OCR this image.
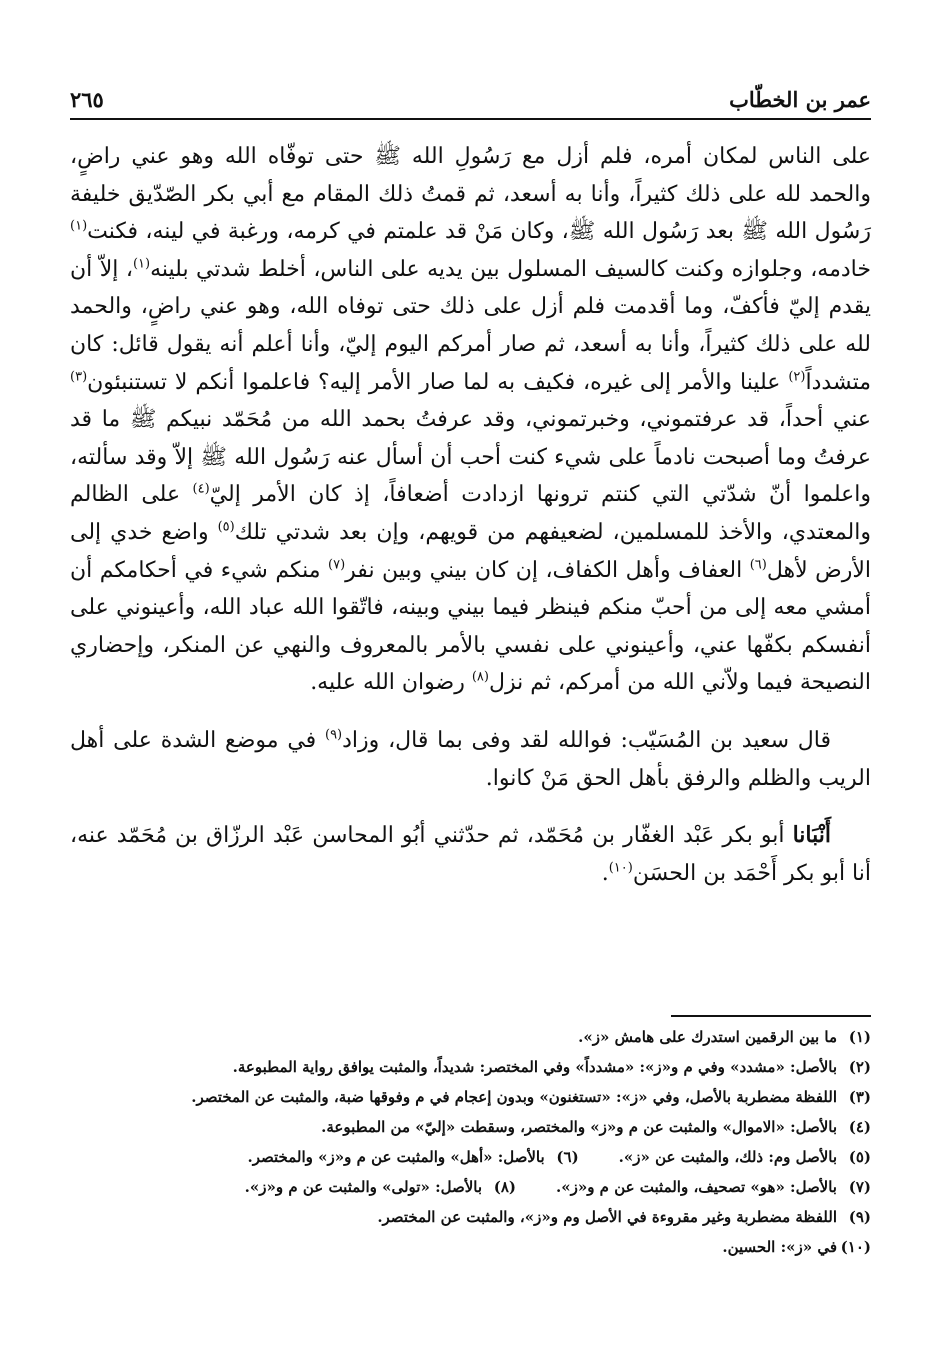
عمر بن الخطّاب
٢٦٥

على الناس لمكان أمره، فلم أزل مع رَسُولِ الله ﷺ حتى توفّاه الله وهو عني راضٍ، والحمد لله على ذلك كثيراً، وأنا به أسعد، ثم قمتُ ذلك المقام مع أبي بكر الصّدّيق خليفة رَسُول الله ﷺ بعد رَسُول الله ﷺ، وكان مَنْ قد علمتم في كرمه، ورغبة في لينه، فكنت$^{(١)}$ خادمه، وجلوازه وكنت كالسيف المسلول بين يديه على الناس، أخلط شدتي بلينه$^{(١)}$، إلاّ أن يقدم إليّ فأكفّ، وما أقدمت فلم أزل على ذلك حتى توفاه الله، وهو عني راضٍ، والحمد لله على ذلك كثيراً، وأنا به أسعد، ثم صار أمركم اليوم إليّ، وأنا أعلم أنه يقول قائل: كان متشدداً$^{(٢)}$ علينا والأمر إلى غيره، فكيف به لما صار الأمر إليه؟ فاعلموا أنكم لا تستنبئون$^{(٣)}$ عني أحداً، قد عرفتموني، وخبرتموني، وقد عرفتُ بحمد الله من مُحَمّد نبيكم ﷺ ما قد عرفتُ وما أصبحت نادماً على شيء كنت أحب أن أسأل عنه رَسُول الله ﷺ إلاّ وقد سألته، واعلموا أنّ شدّتي التي كنتم ترونها ازدادت أضعافاً، إذ كان الأمر إليّ$^{(٤)}$ على الظالم والمعتدي، والأخذ للمسلمين، لضعيفهم من قويهم، وإن بعد شدتي تلك$^{(٥)}$ واضع خدي إلى الأرض لأهل$^{(٦)}$ العفاف وأهل الكفاف، إن كان بيني وبين نفر$^{(٧)}$ منكم شيء في أحكامكم أن أمشي معه إلى من أحبّ منكم فينظر فيما بيني وبينه، فاتّقوا الله عباد الله، وأعينوني على أنفسكم بكفّها عني، وأعينوني على نفسي بالأمر بالمعروف والنهي عن المنكر، وإحضاري النصيحة فيما ولاّني الله من أمركم، ثم نزل$^{(٨)}$ رضوان الله عليه.

قال سعيد بن المُسَيّب: فوالله لقد وفى بما قال، وزاد$^{(٩)}$ في موضع الشدة على أهل الريب والظلم والرفق بأهل الحق مَنْ كانوا.

أَنْبَانا أبو بكر عَبْد الغفّار بن مُحَمّد، ثم حدّثني أبُو المحاسن عَبْد الرزّاق بن مُحَمّد عنه، أنا أبو بكر أَحْمَد بن الحسَن$^{(١٠)}$.

(١)
ما بين الرقمين استدرك على هامش «ز».
(٢)
بالأصل: «مشدد» وفي م و«ز»: «مشدداً» وفي المختصر: شديداً، والمثبت يوافق رواية المطبوعة.
(٣)
اللفظة مضطربة بالأصل، وفي «ز»: «تستغنون» وبدون إعجام في م وفوقها ضبة، والمثبت عن المختصر.
(٤)
بالأصل: «الاموال» والمثبت عن م و«ز» والمختصر، وسقطت «إليّ» من المطبوعة.
(٥)
بالأصل وم: ذلك، والمثبت عن «ز».
(٦)
بالأصل: «أهل» والمثبت عن م و«ز» والمختصر.
(٧)
بالأصل: «هو» تصحيف، والمثبت عن م و«ز».
(٨)
بالأصل: «تولى» والمثبت عن م و«ز».
(٩)
اللفظة مضطربة وغير مقروءة في الأصل وم و«ز»، والمثبت عن المختصر.
(١٠)
في «ز»: الحسين.
